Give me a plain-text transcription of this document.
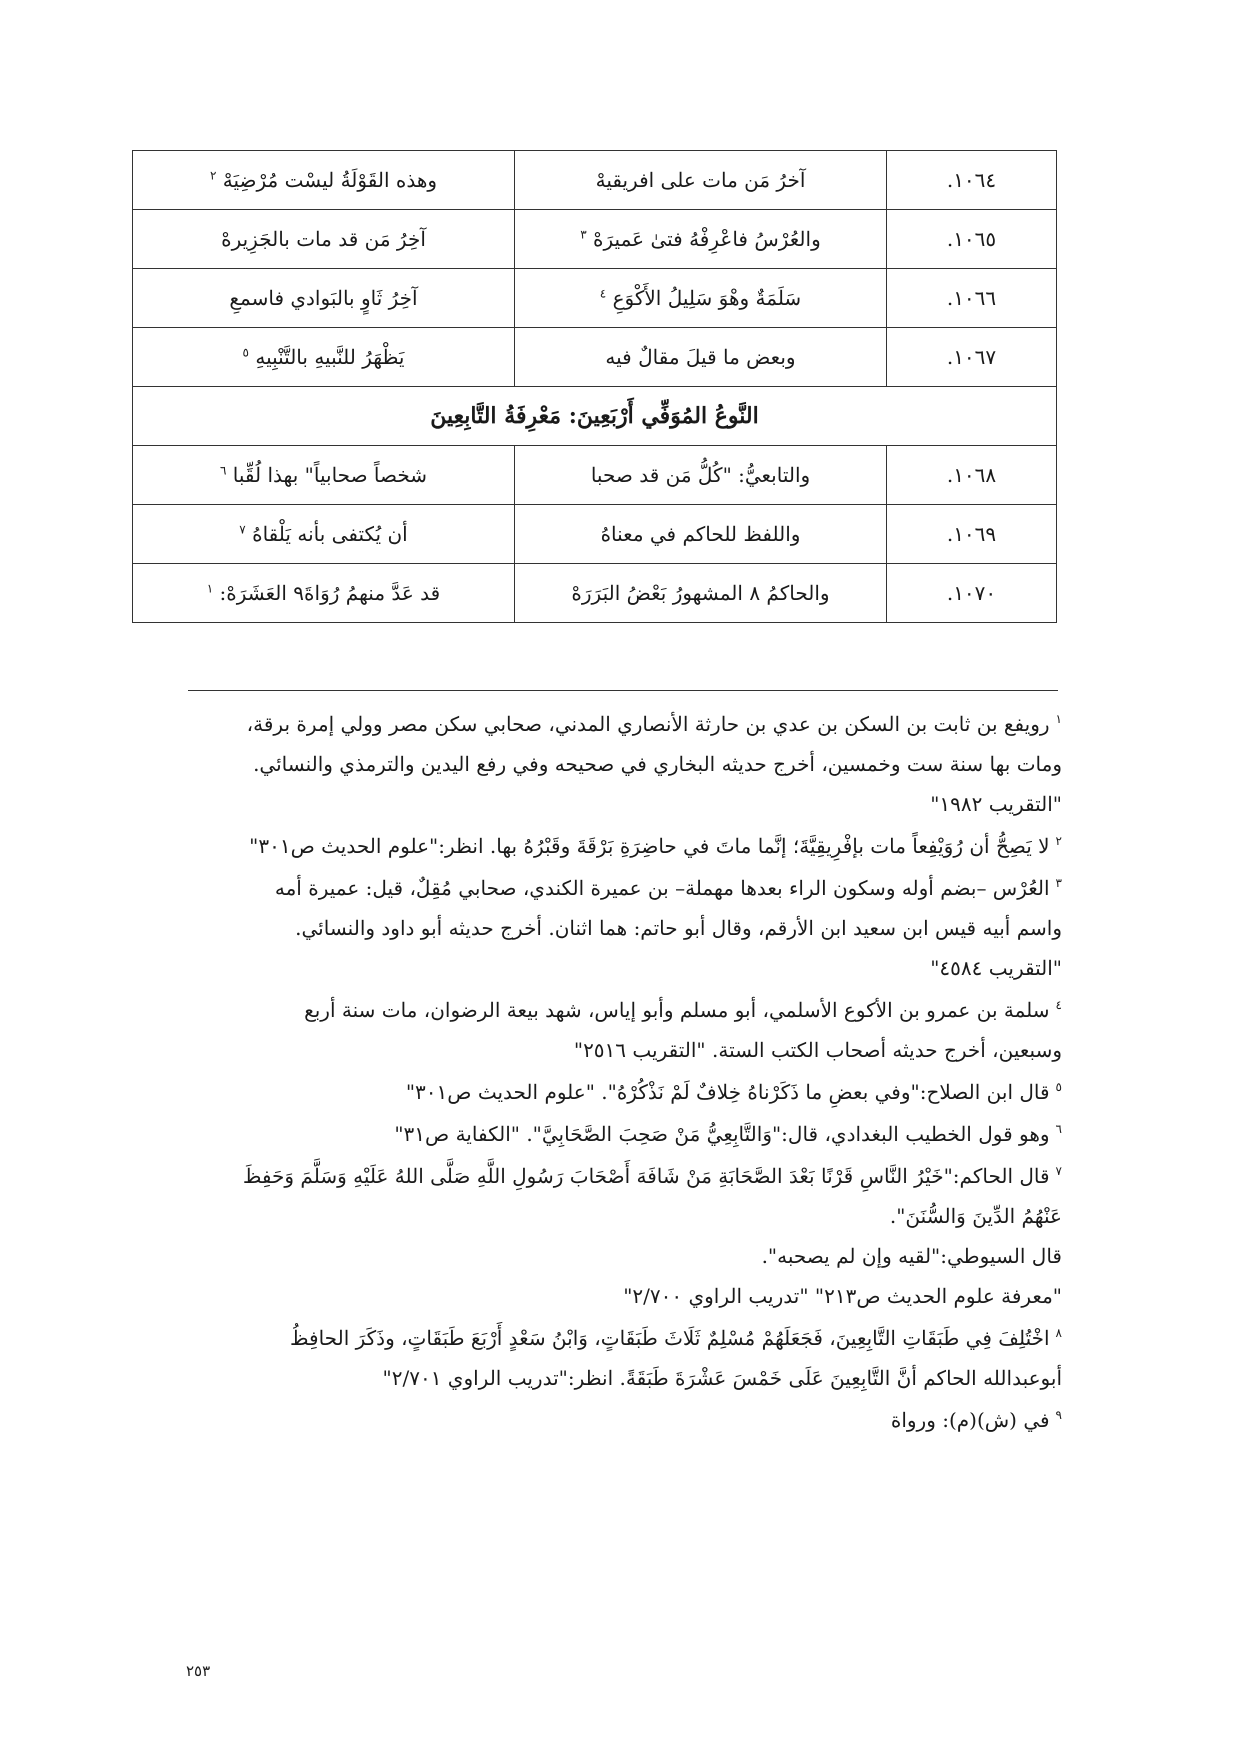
١٠٦٤.	آخرُ مَن مات على افريقيهْ	وهذه القَوْلَةُ ليسْت مُرْضِيَهْ $^٢$
١٠٦٥.	والعُرْسُ فاعْرِفْهُ فتىٰ عَميرَهْ $^٣$	آخِرُ مَن قد مات بالجَزِيرهْ
١٠٦٦.	سَلَمَةٌ وهْوَ سَلِيلُ الأَكْوَعِ $^٤$	آخِرُ ثَاوٍ بالبَوادي فاسمعِ
١٠٦٧.	وبعض ما قيلَ مقالٌ فيه	يَظْهَرُ للنَّبيهِ بالتَّنْبِيهِ $^٥$
النَّوعُ المُوَفِّي أَرْبَعِينَ: مَعْرِفَةُ التَّابِعِينَ		
١٠٦٨.	والتابعيُّ: "كُلُّ مَن قد صحبا	شخصاً صحابياً" بهذا لُقِّبا $^٦$
١٠٦٩.	واللفظ للحاكم في معناهُ	أن يُكتفى بأنه يَلْقاهُ $^٧$
١٠٧٠.	والحاكمُ ٨ المشهورُ بَعْضُ البَرَرَهْ	قد عَدَّ منهمُ رُوَاةَ٩ العَشَرَهْ: $^١$
$^١$رويفع بن ثابت بن السكن بن عدي بن حارثة الأنصاري المدني، صحابي سكن مصر وولي إمرة برقة،
ومات بها سنة ست وخمسين، أخرج حديثه البخاري في صحيحه وفي رفع اليدين والترمذي والنسائي.
"التقريب ١٩٨٢"
$^٢$لا يَصِحُّ أن رُوَيْفِعاً مات بإفْرِيقِيَّةَ؛ إنَّما ماتَ في حاضِرَةِ بَرْقَةَ وقَبْرُهُ بها. انظر:"علوم الحديث ص٣٠١"
$^٣$العُرْس –بضم أوله وسكون الراء بعدها مهملة– بن عميرة الكندي، صحابي مُقِلٌ، قيل: عميرة أمه
واسم أبيه قيس ابن سعيد ابن الأرقم، وقال أبو حاتم: هما اثنان. أخرج حديثه أبو داود والنسائي.
"التقريب ٤٥٨٤"
$^٤$سلمة بن عمرو بن الأكوع الأسلمي، أبو مسلم وأبو إياس، شهد بيعة الرضوان، مات سنة أربع
وسبعين، أخرج حديثه أصحاب الكتب الستة. "التقريب ٢٥١٦"
$^٥$قال ابن الصلاح:"وفي بعضِ ما ذَكَرْناهُ خِلافٌ لَمْ نَذْكُرْهُ". "علوم الحديث ص٣٠١"
$^٦$وهو قول الخطيب البغدادي، قال:"وَالتَّابِعِيُّ مَنْ صَحِبَ الصَّحَابِيَّ". "الكفاية ص٣١"
$^٧$قال الحاكم:"خَيْرُ النَّاسِ قَرْنًا بَعْدَ الصَّحَابَةِ مَنْ شَافَهَ أَصْحَابَ رَسُولِ اللَّهِ صَلَّى اللهُ عَلَيْهِ وَسَلَّمَ وَحَفِظَ
عَنْهُمُ الدِّينَ وَالسُّنَنَ".
قال السيوطي:"لقيه وإن لم يصحبه".
"معرفة علوم الحديث ص٢١٣" "تدريب الراوي ٢/٧٠٠"
$^٨$اخْتُلِفَ فِي طَبَقَاتِ التَّابِعِينَ، فَجَعَلَهُمْ مُسْلِمٌ ثَلَاثَ طَبَقَاتٍ، وَابْنُ سَعْدٍ أَرْبَعَ طَبَقَاتٍ، وذَكَرَ الحافِظُ
أبوعبدالله الحاكم أنَّ التَّابِعِينَ عَلَى خَمْسَ عَشْرَةَ طَبَقَةً. انظر:"تدريب الراوي ٢/٧٠١"
$^٩$في (ش)(م): ورواة
٢٥٣
